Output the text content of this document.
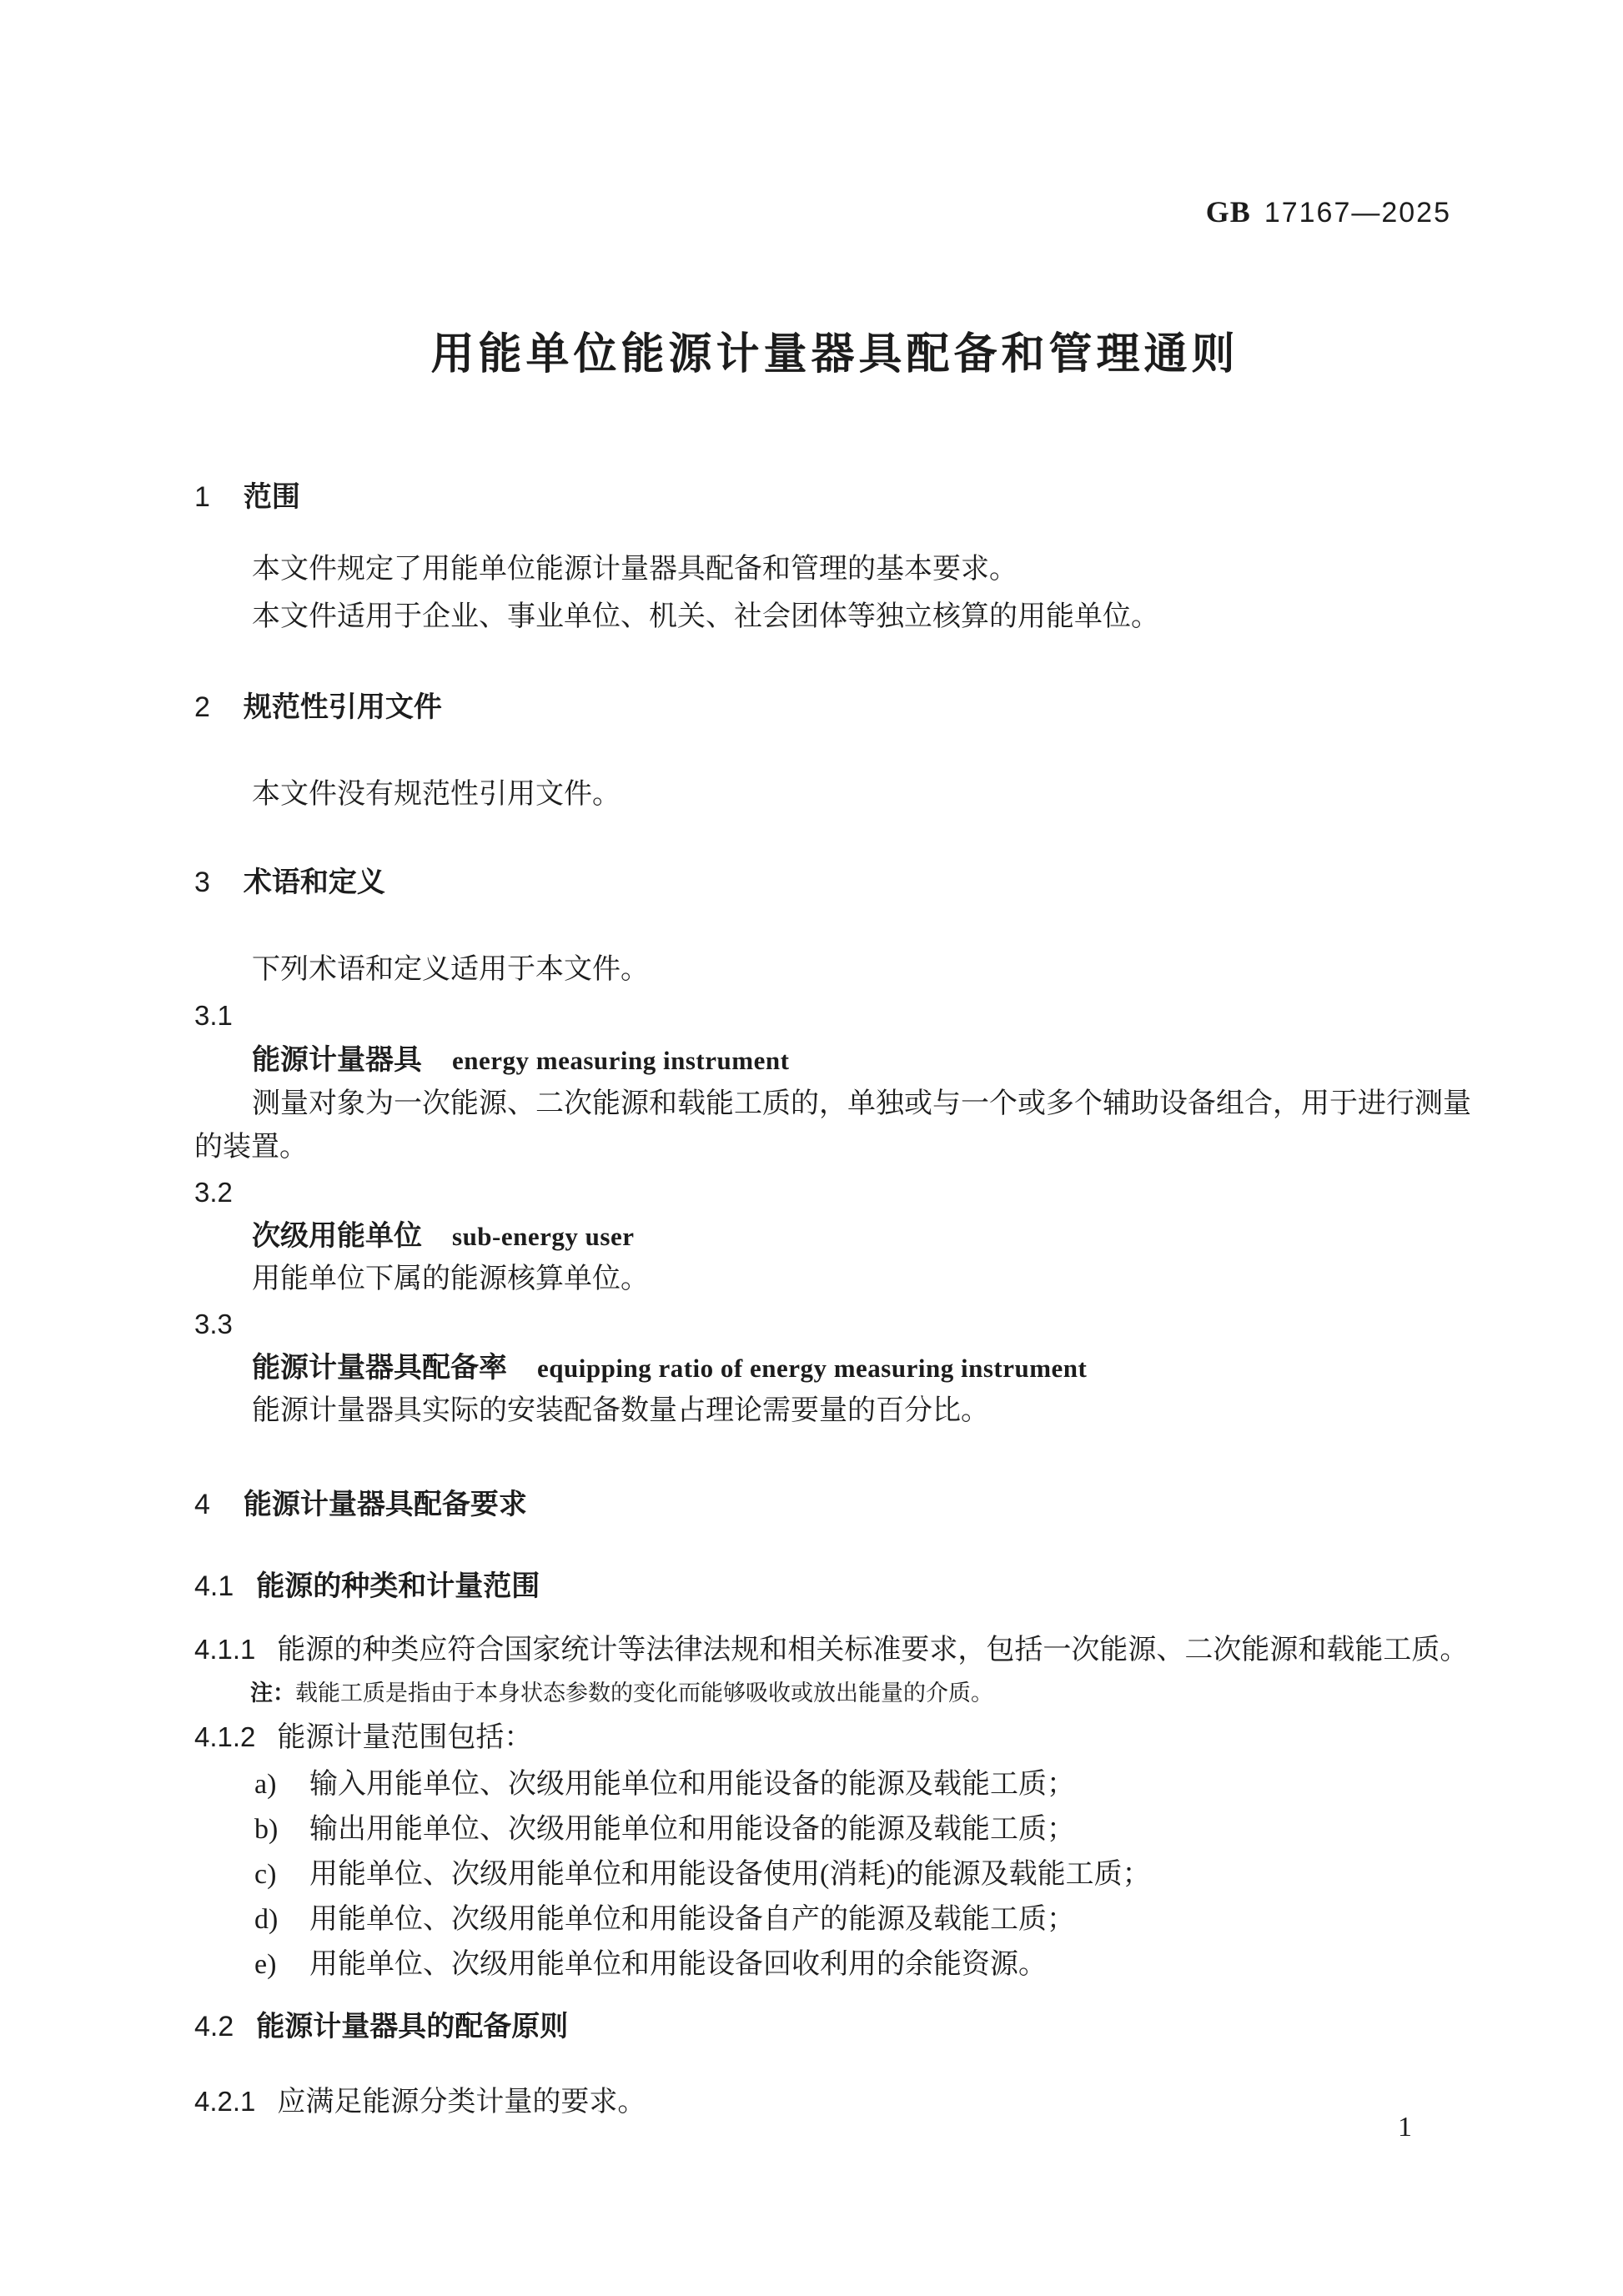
GB 17167—2025
用能单位能源计量器具配备和管理通则
1 范围
本文件规定了用能单位能源计量器具配备和管理的基本要求。
本文件适用于企业、事业单位、机关、社会团体等独立核算的用能单位。
2 规范性引用文件
本文件没有规范性引用文件。
3 术语和定义
下列术语和定义适用于本文件。
3.1
能源计量器具 energy measuring instrument
测量对象为一次能源、二次能源和载能工质的，单独或与一个或多个辅助设备组合，用于进行测量
的装置。
3.2
次级用能单位 sub-energy user
用能单位下属的能源核算单位。
3.3
能源计量器具配备率 equipping ratio of energy measuring instrument
能源计量器具实际的安装配备数量占理论需要量的百分比。
4 能源计量器具配备要求
4.1 能源的种类和计量范围
4.1.1 能源的种类应符合国家统计等法律法规和相关标准要求，包括一次能源、二次能源和载能工质。
注：载能工质是指由于本身状态参数的变化而能够吸收或放出能量的介质。
4.1.2 能源计量范围包括：
a) 输入用能单位、次级用能单位和用能设备的能源及载能工质；
b) 输出用能单位、次级用能单位和用能设备的能源及载能工质；
c) 用能单位、次级用能单位和用能设备使用(消耗)的能源及载能工质；
d) 用能单位、次级用能单位和用能设备自产的能源及载能工质；
e) 用能单位、次级用能单位和用能设备回收利用的余能资源。
4.2 能源计量器具的配备原则
4.2.1 应满足能源分类计量的要求。
1
